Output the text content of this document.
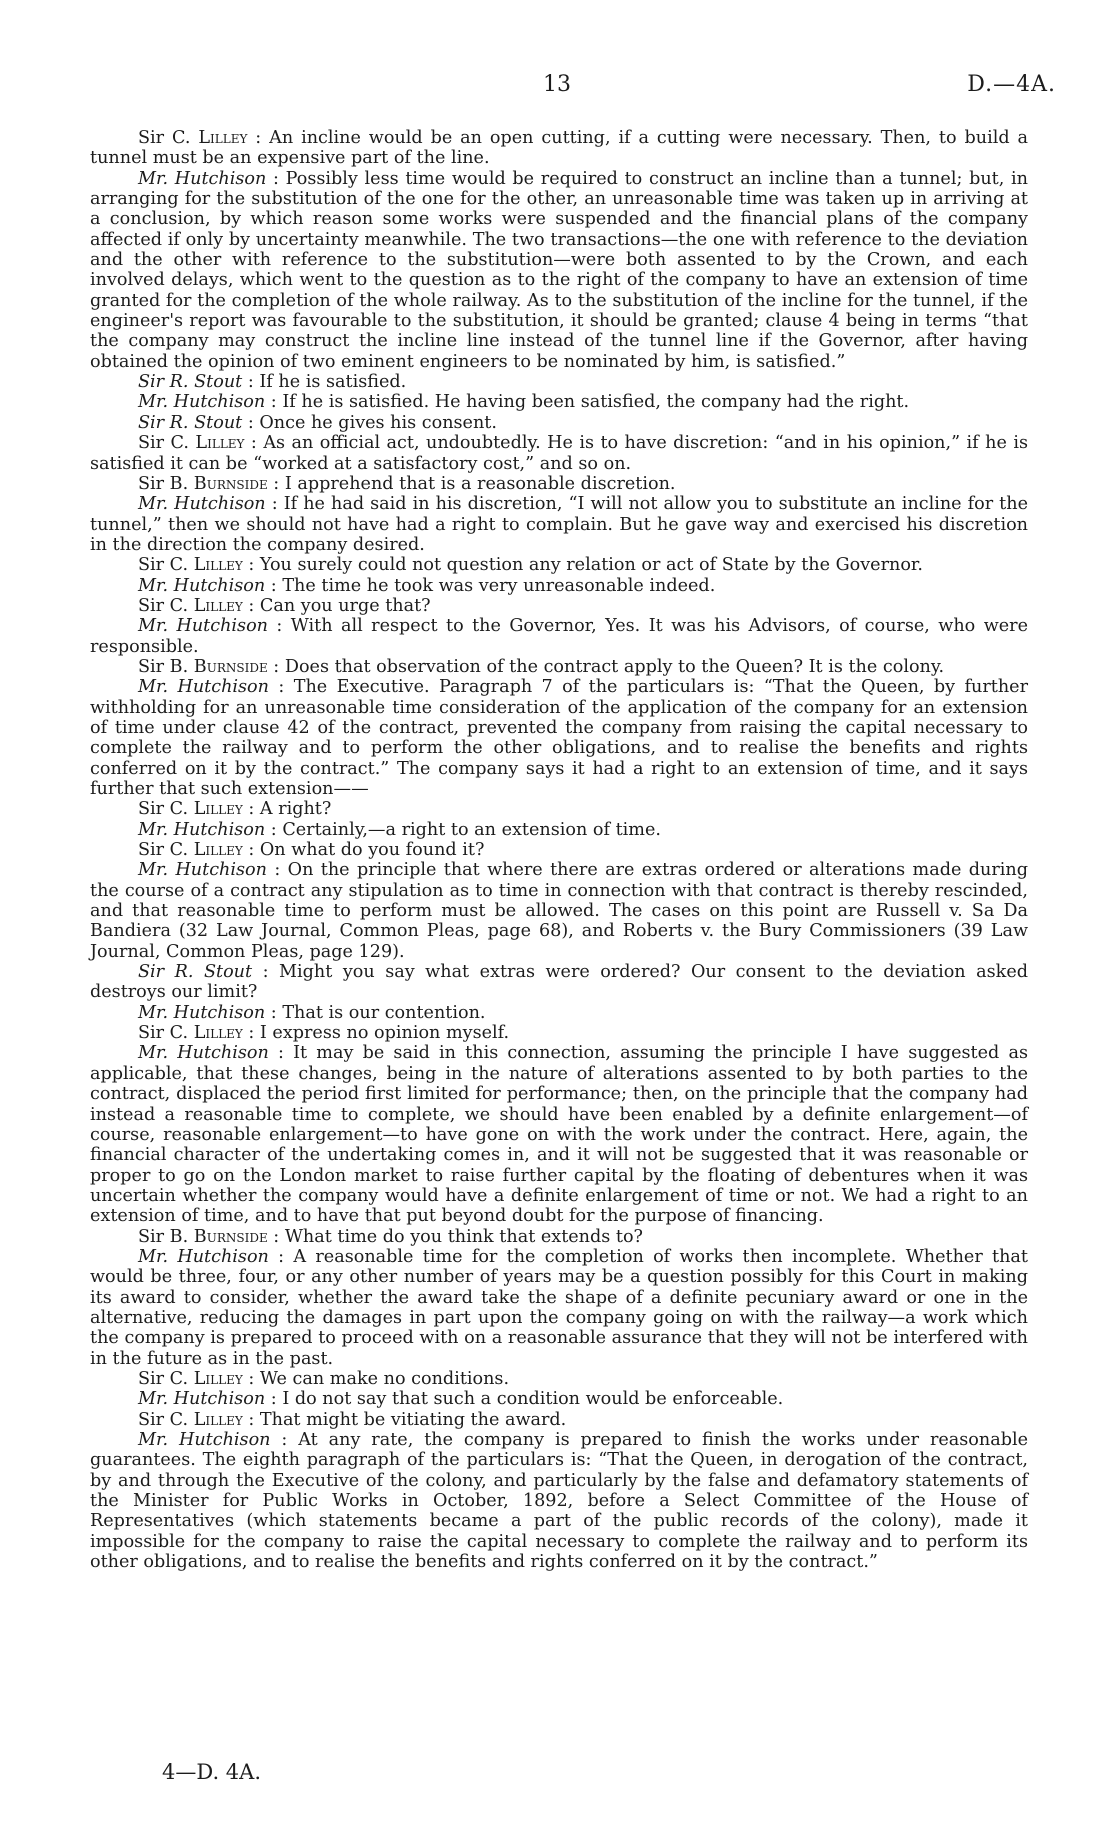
13	D.—4A.

Sir C. Lilley : An incline would be an open cutting, if a cutting were necessary. Then, to build a tunnel must be an expensive part of the line.

Mr. Hutchison : Possibly less time would be required to construct an incline than a tunnel; but, in arranging for the substitution of the one for the other, an unreasonable time was taken up in arriving at a conclusion, by which reason some works were suspended and the financial plans of the company affected if only by uncertainty meanwhile. The two transactions—the one with reference to the deviation and the other with reference to the substitution—were both assented to by the Crown, and each involved delays, which went to the question as to the right of the company to have an extension of time granted for the completion of the whole railway. As to the substitution of the incline for the tunnel, if the engineer's report was favourable to the substitution, it should be granted; clause 4 being in terms “that the company may construct the incline line instead of the tunnel line if the Governor, after having obtained the opinion of two eminent engineers to be nominated by him, is satisfied.”

Sir R. Stout : If he is satisfied.

Mr. Hutchison : If he is satisfied. He having been satisfied, the company had the right.

Sir R. Stout : Once he gives his consent.

Sir C. Lilley : As an official act, undoubtedly. He is to have discretion: “and in his opinion,” if he is satisfied it can be “worked at a satisfactory cost,” and so on.

Sir B. Burnside : I apprehend that is a reasonable discretion.

Mr. Hutchison : If he had said in his discretion, “I will not allow you to substitute an incline for the tunnel,” then we should not have had a right to complain. But he gave way and exercised his discretion in the direction the company desired.

Sir C. Lilley : You surely could not question any relation or act of State by the Governor.

Mr. Hutchison : The time he took was very unreasonable indeed.

Sir C. Lilley : Can you urge that?

Mr. Hutchison : With all respect to the Governor, Yes. It was his Advisors, of course, who were responsible.

Sir B. Burnside : Does that observation of the contract apply to the Queen? It is the colony.

Mr. Hutchison : The Executive. Paragraph 7 of the particulars is: “That the Queen, by further withholding for an unreasonable time consideration of the application of the company for an extension of time under clause 42 of the contract, prevented the company from raising the capital necessary to complete the railway and to perform the other obligations, and to realise the benefits and rights conferred on it by the contract.” The company says it had a right to an extension of time, and it says further that such extension——

Sir C. Lilley : A right?

Mr. Hutchison : Certainly,—a right to an extension of time.

Sir C. Lilley : On what do you found it?

Mr. Hutchison : On the principle that where there are extras ordered or alterations made during the course of a contract any stipulation as to time in connection with that contract is thereby rescinded, and that reasonable time to perform must be allowed. The cases on this point are Russell v. Sa Da Bandiera (32 Law Journal, Common Pleas, page 68), and Roberts v. the Bury Commissioners (39 Law Journal, Common Pleas, page 129).

Sir R. Stout : Might you say what extras were ordered? Our consent to the deviation asked destroys our limit?

Mr. Hutchison : That is our contention.

Sir C. Lilley : I express no opinion myself.

Mr. Hutchison : It may be said in this connection, assuming the principle I have suggested as applicable, that these changes, being in the nature of alterations assented to by both parties to the contract, displaced the period first limited for performance; then, on the principle that the company had instead a reasonable time to complete, we should have been enabled by a definite enlargement—of course, reasonable enlargement—to have gone on with the work under the contract. Here, again, the financial character of the undertaking comes in, and it will not be suggested that it was reasonable or proper to go on the London market to raise further capital by the floating of debentures when it was uncertain whether the company would have a definite enlargement of time or not. We had a right to an extension of time, and to have that put beyond doubt for the purpose of financing.

Sir B. Burnside : What time do you think that extends to?

Mr. Hutchison : A reasonable time for the completion of works then incomplete. Whether that would be three, four, or any other number of years may be a question possibly for this Court in making its award to consider, whether the award take the shape of a definite pecuniary award or one in the alternative, reducing the damages in part upon the company going on with the railway—a work which the company is prepared to proceed with on a reasonable assurance that they will not be interfered with in the future as in the past.

Sir C. Lilley : We can make no conditions.

Mr. Hutchison : I do not say that such a condition would be enforceable.

Sir C. Lilley : That might be vitiating the award.

Mr. Hutchison : At any rate, the company is prepared to finish the works under reasonable guarantees. The eighth paragraph of the particulars is: “That the Queen, in derogation of the contract, by and through the Executive of the colony, and particularly by the false and defamatory statements of the Minister for Public Works in October, 1892, before a Select Committee of the House of Representatives (which statements became a part of the public records of the colony), made it impossible for the company to raise the capital necessary to complete the railway and to perform its other obligations, and to realise the benefits and rights conferred on it by the contract.”

4—D. 4A.
